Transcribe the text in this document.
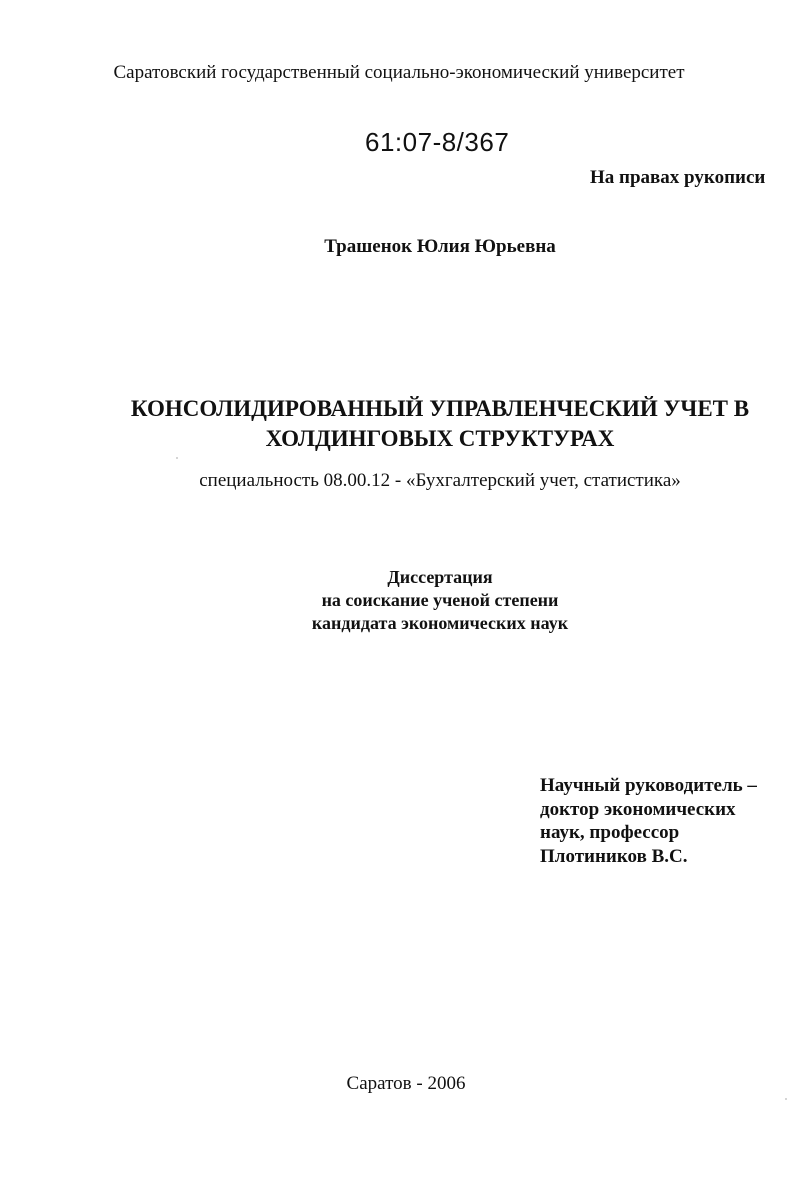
Саратовский государственный социально-экономический университет
61:07-8/367
На правах рукописи
Трашенок Юлия Юрьевна
КОНСОЛИДИРОВАННЫЙ УПРАВЛЕНЧЕСКИЙ УЧЕТ В
ХОЛДИНГОВЫХ СТРУКТУРАХ
специальность 08.00.12 - «Бухгалтерский учет, статистика»
Диссертация
на соискание ученой степени
кандидата экономических наук
Научный руководитель –
доктор экономических
наук, профессор
Плотиников В.С.
Саратов - 2006
